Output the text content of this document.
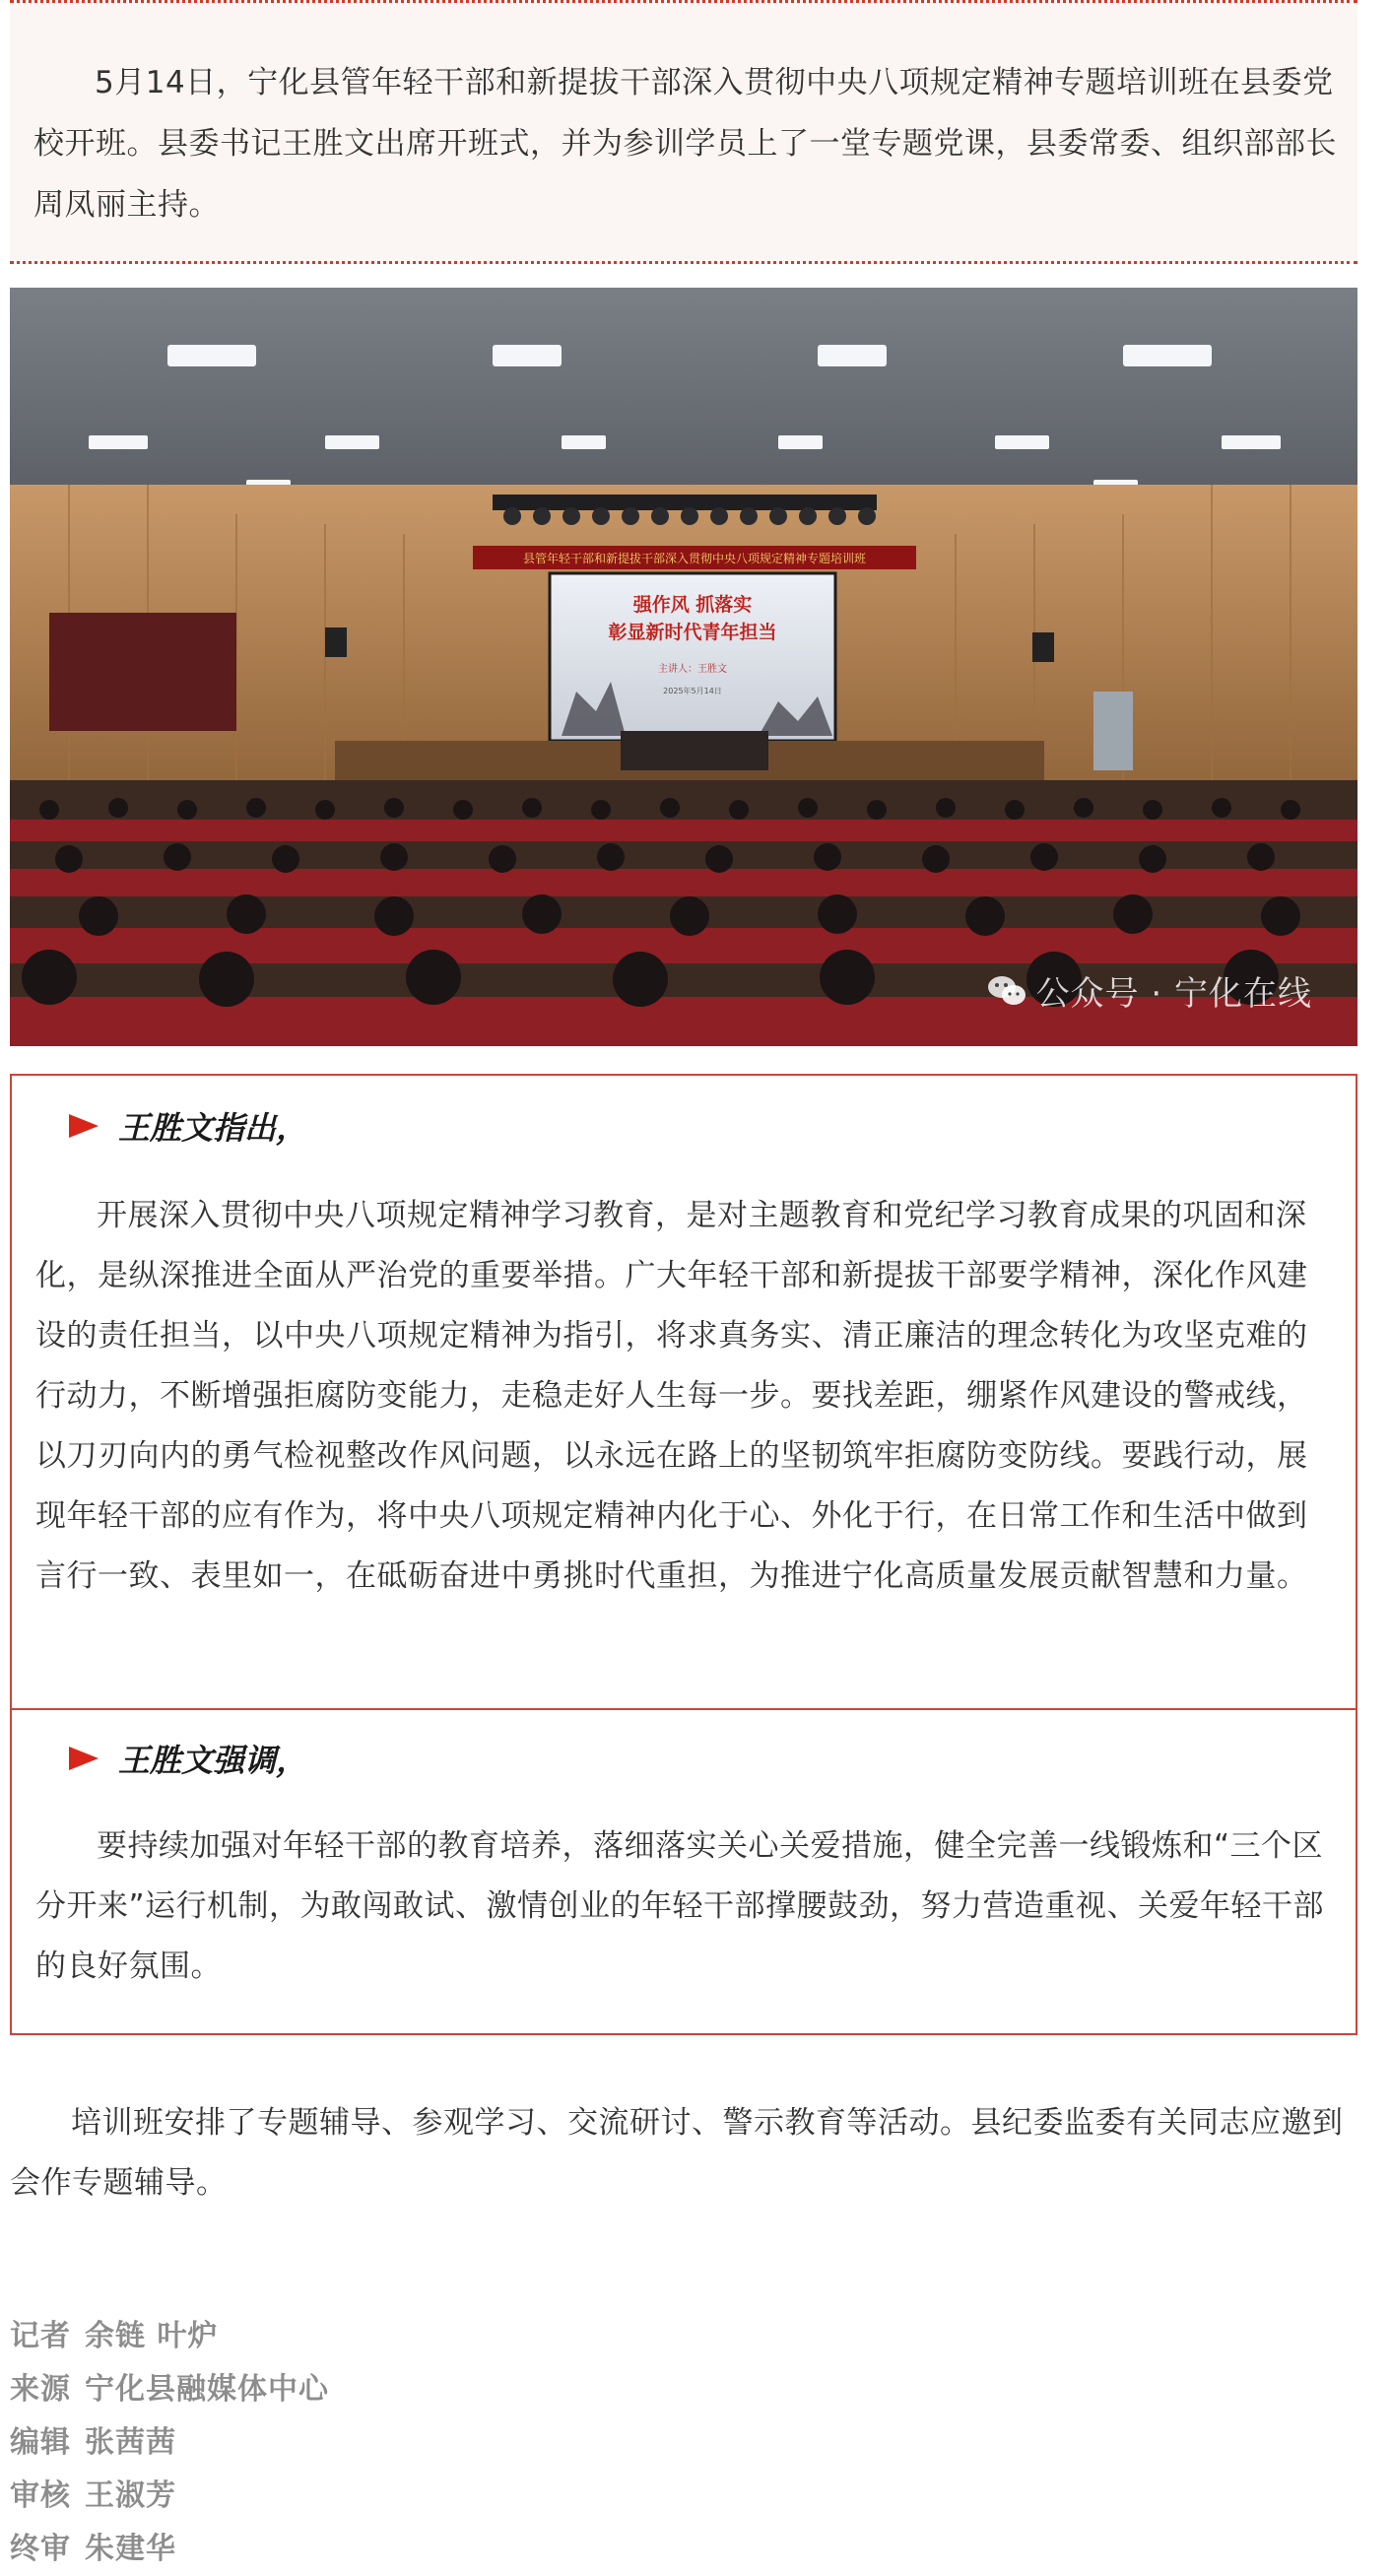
5月14日，宁化县管年轻干部和新提拔干部深入贯彻中央八项规定精神专题培训班在县委党校开班。县委书记王胜文出席开班式，并为参训学员上了一堂专题党课，县委常委、组织部部长周凤丽主持。

县管年轻干部和新提拔干部深入贯彻中央八项规定精神专题培训班
强作风 抓落实
彰显新时代青年担当
主讲人：王胜文
2025年5月14日
公众号 · 宁化在线
王胜文指出，

开展深入贯彻中央八项规定精神学习教育，是对主题教育和党纪学习教育成果的巩固和深化，是纵深推进全面从严治党的重要举措。广大年轻干部和新提拔干部要学精神，深化作风建设的责任担当，以中央八项规定精神为指引，将求真务实、清正廉洁的理念转化为攻坚克难的行动力，不断增强拒腐防变能力，走稳走好人生每一步。要找差距，绷紧作风建设的警戒线，以刀刃向内的勇气检视整改作风问题，以永远在路上的坚韧筑牢拒腐防变防线。要践行动，展现年轻干部的应有作为，将中央八项规定精神内化于心、外化于行，在日常工作和生活中做到言行一致、表里如一，在砥砺奋进中勇挑时代重担，为推进宁化高质量发展贡献智慧和力量。

王胜文强调，

要持续加强对年轻干部的教育培养，落细落实关心关爱措施，健全完善一线锻炼和“三个区分开来”运行机制，为敢闯敢试、激情创业的年轻干部撑腰鼓劲，努力营造重视、关爱年轻干部的良好氛围。

培训班安排了专题辅导、参观学习、交流研讨、警示教育等活动。县纪委监委有关同志应邀到会作专题辅导。

记者 余链 叶炉
来源 宁化县融媒体中心
编辑 张茜茜
审核 王淑芳
终审 朱建华
